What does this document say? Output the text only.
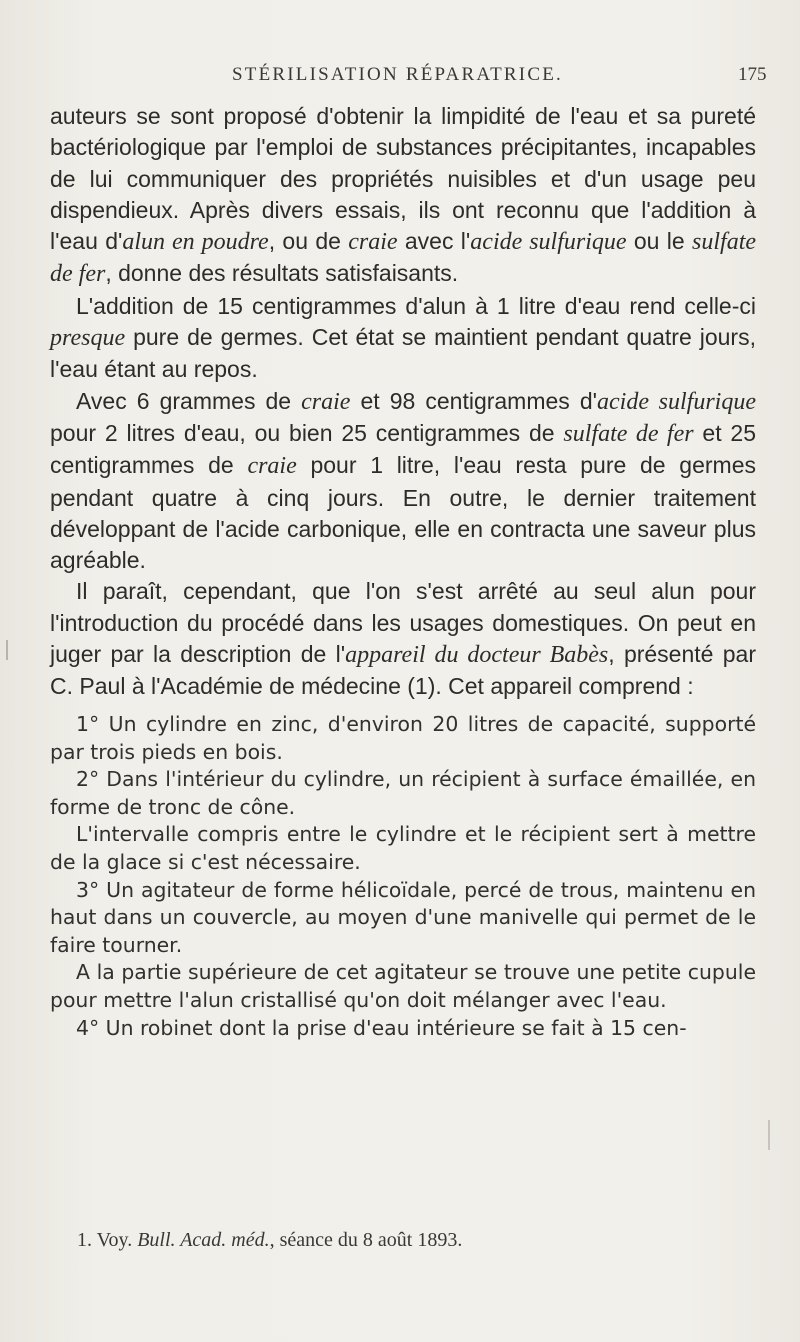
STÉRILISATION RÉPARATRICE.	175

auteurs se sont proposé d'obtenir la limpidité de l'eau et sa pureté bactériologique par l'emploi de substances précipitantes, incapables de lui communiquer des propriétés nuisibles et d'un usage peu dispendieux. Après divers essais, ils ont reconnu que l'addition à l'eau d'alun en poudre, ou de craie avec l'acide sulfurique ou le sulfate de fer, donne des résultats satisfaisants.

L'addition de 15 centigrammes d'alun à 1 litre d'eau rend celle-ci presque pure de germes. Cet état se maintient pendant quatre jours, l'eau étant au repos.

Avec 6 grammes de craie et 98 centigrammes d'acide sulfurique pour 2 litres d'eau, ou bien 25 centigrammes de sulfate de fer et 25 centigrammes de craie pour 1 litre, l'eau resta pure de germes pendant quatre à cinq jours. En outre, le dernier traitement développant de l'acide carbonique, elle en contracta une saveur plus agréable.

Il paraît, cependant, que l'on s'est arrêté au seul alun pour l'introduction du procédé dans les usages domestiques. On peut en juger par la description de l'appareil du docteur Babès, présenté par C. Paul à l'Académie de médecine (1). Cet appareil comprend :

1° Un cylindre en zinc, d'environ 20 litres de capacité, supporté par trois pieds en bois.

2° Dans l'intérieur du cylindre, un récipient à surface émaillée, en forme de tronc de cône.

L'intervalle compris entre le cylindre et le récipient sert à mettre de la glace si c'est nécessaire.

3° Un agitateur de forme hélicoïdale, percé de trous, maintenu en haut dans un couvercle, au moyen d'une manivelle qui permet de le faire tourner.

A la partie supérieure de cet agitateur se trouve une petite cupule pour mettre l'alun cristallisé qu'on doit mélanger avec l'eau.

4° Un robinet dont la prise d'eau intérieure se fait à 15 cen-

1. Voy. Bull. Acad. méd., séance du 8 août 1893.
